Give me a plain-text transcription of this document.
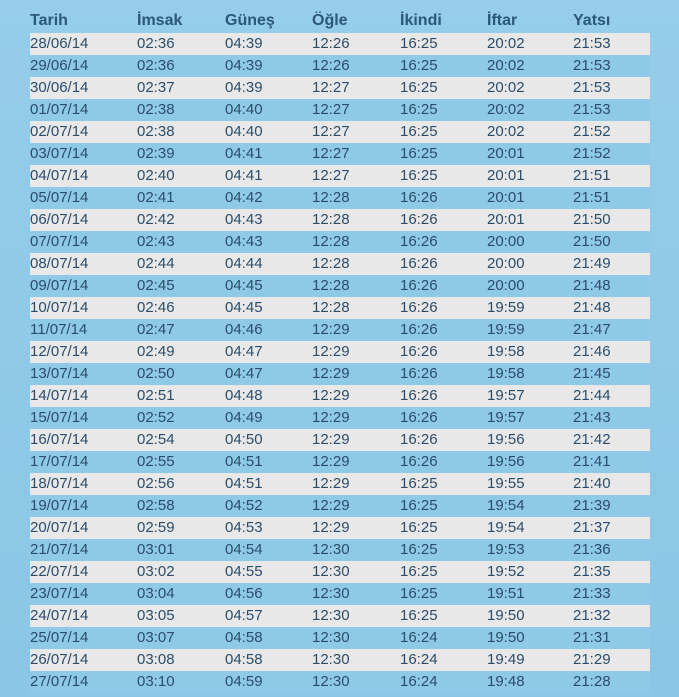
Tarih	İmsak	Güneş	Öğle	İkindi	İftar	Yatsı
28/06/14	02:36	04:39	12:26	16:25	20:02	21:53
29/06/14	02:36	04:39	12:26	16:25	20:02	21:53
30/06/14	02:37	04:39	12:27	16:25	20:02	21:53
01/07/14	02:38	04:40	12:27	16:25	20:02	21:53
02/07/14	02:38	04:40	12:27	16:25	20:02	21:52
03/07/14	02:39	04:41	12:27	16:25	20:01	21:52
04/07/14	02:40	04:41	12:27	16:25	20:01	21:51
05/07/14	02:41	04:42	12:28	16:26	20:01	21:51
06/07/14	02:42	04:43	12:28	16:26	20:01	21:50
07/07/14	02:43	04:43	12:28	16:26	20:00	21:50
08/07/14	02:44	04:44	12:28	16:26	20:00	21:49
09/07/14	02:45	04:45	12:28	16:26	20:00	21:48
10/07/14	02:46	04:45	12:28	16:26	19:59	21:48
11/07/14	02:47	04:46	12:29	16:26	19:59	21:47
12/07/14	02:49	04:47	12:29	16:26	19:58	21:46
13/07/14	02:50	04:47	12:29	16:26	19:58	21:45
14/07/14	02:51	04:48	12:29	16:26	19:57	21:44
15/07/14	02:52	04:49	12:29	16:26	19:57	21:43
16/07/14	02:54	04:50	12:29	16:26	19:56	21:42
17/07/14	02:55	04:51	12:29	16:26	19:56	21:41
18/07/14	02:56	04:51	12:29	16:25	19:55	21:40
19/07/14	02:58	04:52	12:29	16:25	19:54	21:39
20/07/14	02:59	04:53	12:29	16:25	19:54	21:37
21/07/14	03:01	04:54	12:30	16:25	19:53	21:36
22/07/14	03:02	04:55	12:30	16:25	19:52	21:35
23/07/14	03:04	04:56	12:30	16:25	19:51	21:33
24/07/14	03:05	04:57	12:30	16:25	19:50	21:32
25/07/14	03:07	04:58	12:30	16:24	19:50	21:31
26/07/14	03:08	04:58	12:30	16:24	19:49	21:29
27/07/14	03:10	04:59	12:30	16:24	19:48	21:28
